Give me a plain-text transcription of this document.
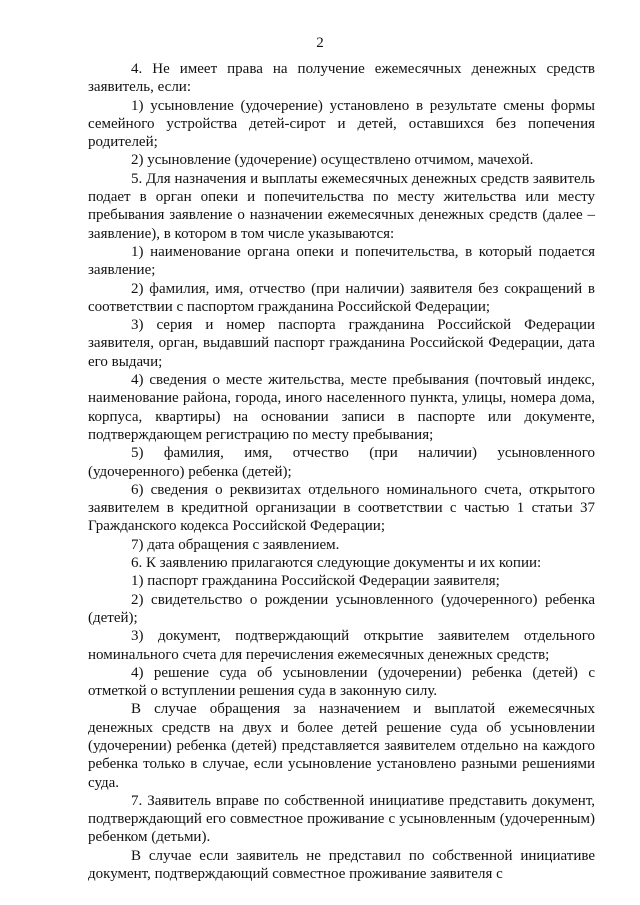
2

4. Не имеет права на получение ежемесячных денежных средств заявитель, если:

1) усыновление (удочерение) установлено в результате смены формы семейного устройства детей-сирот и детей, оставшихся без попечения родителей;

2) усыновление (удочерение) осуществлено отчимом, мачехой.

5. Для назначения и выплаты ежемесячных денежных средств заявитель подает в орган опеки и попечительства по месту жительства или месту пребывания заявление о назначении ежемесячных денежных средств (далее – заявление), в котором в том числе указываются:

1) наименование органа опеки и попечительства, в который подается заявление;

2) фамилия, имя, отчество (при наличии) заявителя без сокращений в соответствии с паспортом гражданина Российской Федерации;

3) серия и номер паспорта гражданина Российской Федерации заявителя, орган, выдавший паспорт гражданина Российской Федерации, дата его выдачи;

4) сведения о месте жительства, месте пребывания (почтовый индекс, наименование района, города, иного населенного пункта, улицы, номера дома, корпуса, квартиры) на основании записи в паспорте или документе, подтверждающем регистрацию по месту пребывания;

5) фамилия, имя, отчество (при наличии) усыновленного (удочеренного) ребенка (детей);

6) сведения о реквизитах отдельного номинального счета, открытого заявителем в кредитной организации в соответствии с частью 1 статьи 37 Гражданского кодекса Российской Федерации;

7) дата обращения с заявлением.

6. К заявлению прилагаются следующие документы и их копии:

1) паспорт гражданина Российской Федерации заявителя;

2) свидетельство о рождении усыновленного (удочеренного) ребенка (детей);

3) документ, подтверждающий открытие заявителем отдельного номинального счета для перечисления ежемесячных денежных средств;

4) решение суда об усыновлении (удочерении) ребенка (детей) с отметкой о вступлении решения суда в законную силу.

В случае обращения за назначением и выплатой ежемесячных денежных средств на двух и более детей решение суда об усыновлении (удочерении) ребенка (детей) представляется заявителем отдельно на каждого ребенка только в случае, если усыновление установлено разными решениями суда.

7. Заявитель вправе по собственной инициативе представить документ, подтверждающий его совместное проживание с усыновленным (удочеренным) ребенком (детьми).

В случае если заявитель не представил по собственной инициативе документ, подтверждающий совместное проживание заявителя с
